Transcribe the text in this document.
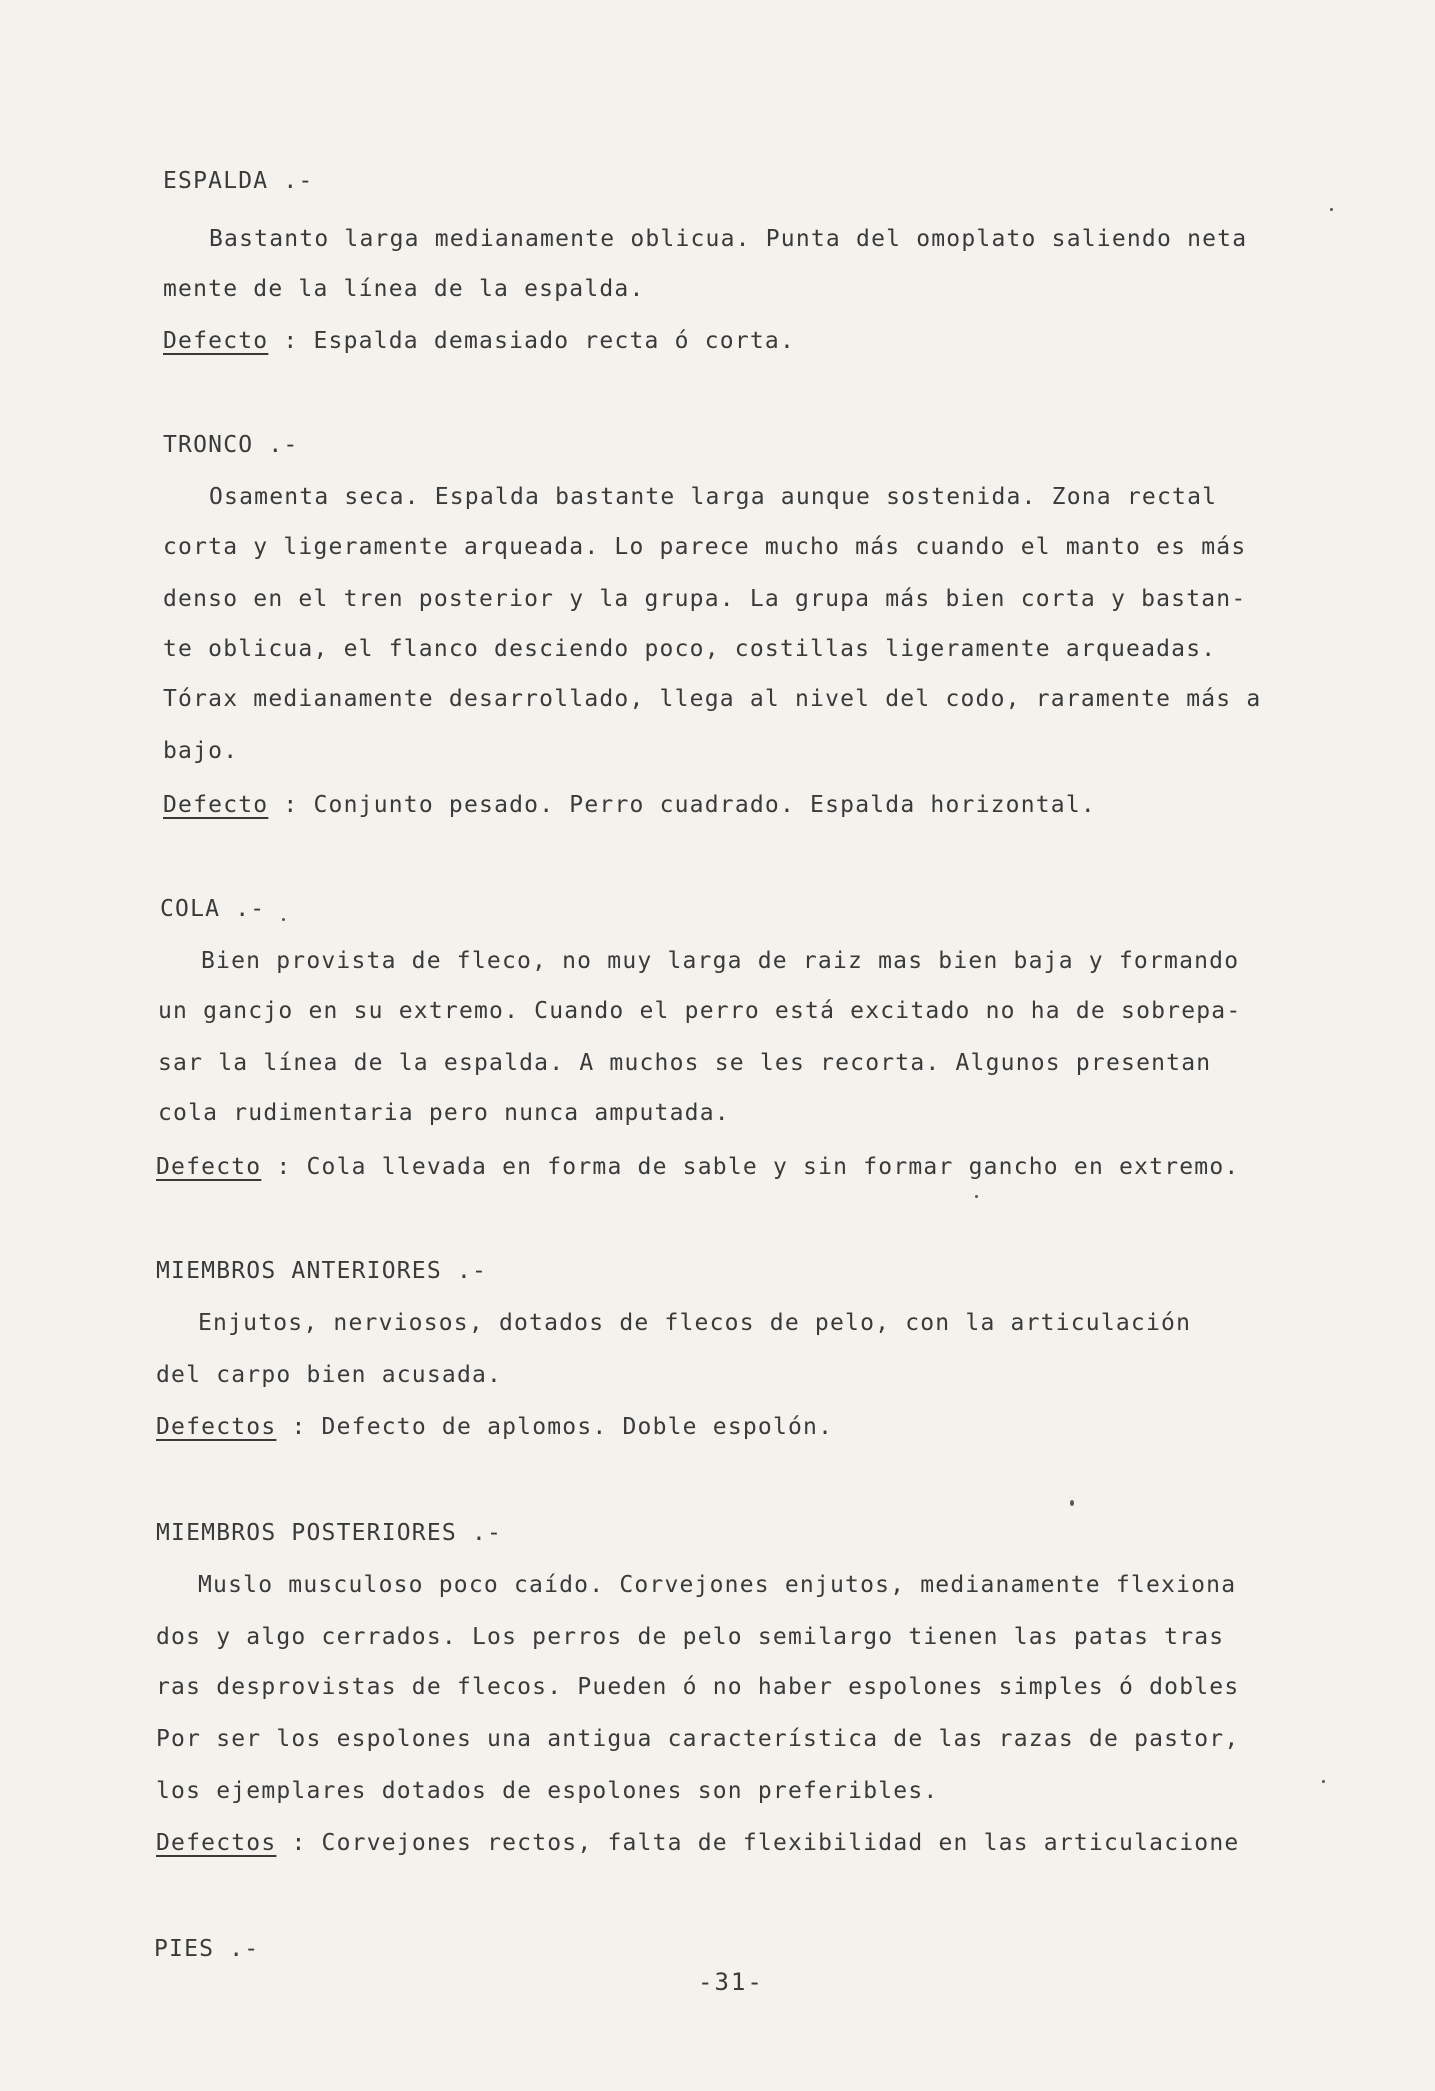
ESPALDA .-
Bastanto larga medianamente oblicua. Punta del omoplato saliendo neta
mente de la línea de la espalda.
Defecto : Espalda demasiado recta ó corta.
TRONCO .-
Osamenta seca. Espalda bastante larga aunque sostenida. Zona rectal
corta y ligeramente arqueada. Lo parece mucho más cuando el manto es más
denso en el tren posterior y la grupa. La grupa más bien corta y bastan-
te oblicua, el flanco desciendo poco, costillas ligeramente arqueadas.
Tórax medianamente desarrollado, llega al nivel del codo, raramente más a
bajo.
Defecto : Conjunto pesado. Perro cuadrado. Espalda horizontal.
COLA .-
Bien provista de fleco, no muy larga de raiz mas bien baja y formando
un gancjo en su extremo. Cuando el perro está excitado no ha de sobrepa-
sar la línea de la espalda. A muchos se les recorta. Algunos presentan
cola rudimentaria pero nunca amputada.
Defecto : Cola llevada en forma de sable y sin formar gancho en extremo.
MIEMBROS ANTERIORES .-
Enjutos, nerviosos, dotados de flecos de pelo, con la articulación
del carpo bien acusada.
Defectos : Defecto de aplomos. Doble espolón.
MIEMBROS POSTERIORES .-
Muslo musculoso poco caído. Corvejones enjutos, medianamente flexiona
dos y algo cerrados. Los perros de pelo semilargo tienen las patas tras
ras desprovistas de flecos. Pueden ó no haber espolones simples ó dobles
Por ser los espolones una antigua característica de las razas de pastor,
los ejemplares dotados de espolones son preferibles.
Defectos : Corvejones rectos, falta de flexibilidad en las articulacione
PIES .-
-31-
